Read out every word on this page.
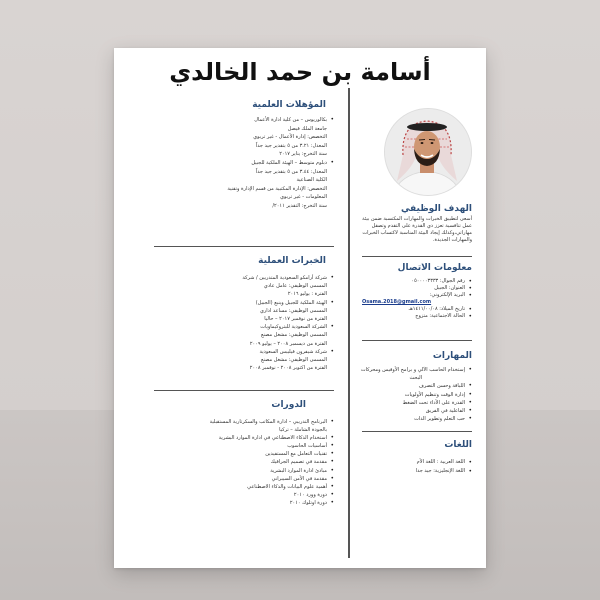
أسامة بن حمد الخالدي
الهدف الوظيفي
أسعى لتطبيق الخبرات والمهارات المكتسبة ضمن بيئة عمل تنافسية تعزز ذي القدرة على التقدم وتصقل مهاراتي،وكذلك إيجاد البيئة المناسبة لاكتساب الخبرات والمهارات الجديدة.
معلومات الاتصال
• رقم الجوال: ٠٥٠٠٠٠٣٣٣٣
• العنوان: الجبيل
• البريد الإلكتروني:
Osama.2018@gmail.com
• تاريخ الميلاد: ١٤١١/٠٠/٠٨هـ
• الحالة الاجتماعية: متزوج
المهارات
• إستخدام الحاسب الآلي و برامج الأوفيس ومحركات
البحث
• اللباقة وحسن التصرف
• إدارة الوقت وتنظيم الأولويات
• القدرة على الأداء تحت الضغط
• الفاعلية في الفريق
• حب التعلم وتطوير الذات
اللغات
• اللغة العربية : اللغة الأم
• اللغة الإنجليزية: جيد جدا
المؤهلات العلمية
• بكالوريوس – من كلية ادارة الأعمال
جامعة الملك فيصل
التخصص: إدارة الأعمال - غير تربوي
المعدل: ٣.٢١ من ٥ بتقدير جيد جداً
سنة التخرج: يناير ٢٠١٧
• دبلوم متوسط – الهيئة الملكية للجبيل
المعدل: ٣.٤٤ من ٥ بتقدير جيد جداً
الكلية الصناعية
التخصص: الإدارة المكتبية من قسم الإدارة وتقنية
المعلومات - غير تربوي
سنة التخرج: التقدير ٢٠١١/
الخبرات العملية
• شركة أرامكو السعودية المتدربين / شركة
المسمى الوظيفي: عامل عادي
الفترة : يوليو ٢٠١٦
• الهيئة الملكية للجبيل وينبع (الجبيل)
المسمى الوظيفي: مساعد اداري
الفترة من نوفمبر ٢٠١٧ – حاليا
• الشركة السعودية للبتروكيماويات
المسمى الوظيفي: مشغل مصنع
الفترة من ديسمبر ٢٠٠٨ – يوليو ٢٠٠٩
• شركة شيفرون فيليبس السعودية
المسمى الوظيفي: مشغل مصنع
الفترة من اكتوبر ٢٠٠٨ - نوفمبر ٢٠٠٨
الدورات
• البرنامج التدريبي – ادارة المكاتب والسكرتارية المستقبلية
بالجودة الشاملة – تركيا
• استخدام الذكاء الاصطناعي في ادارة الموارد البشرية
• أساسيات الحاسوب
• تقنيات التعامل مع المستفيدين
• مقدمة في تصميم الجرافيك
• مبادئ ادارة الموارد البشرية
• مقدمة في الأمن السيبراني
• أهمية علوم البيانات والذكاء الاصطناعي
• دورة وورد ٢٠١٠
• دورة اوتلوك ٢٠١٠
